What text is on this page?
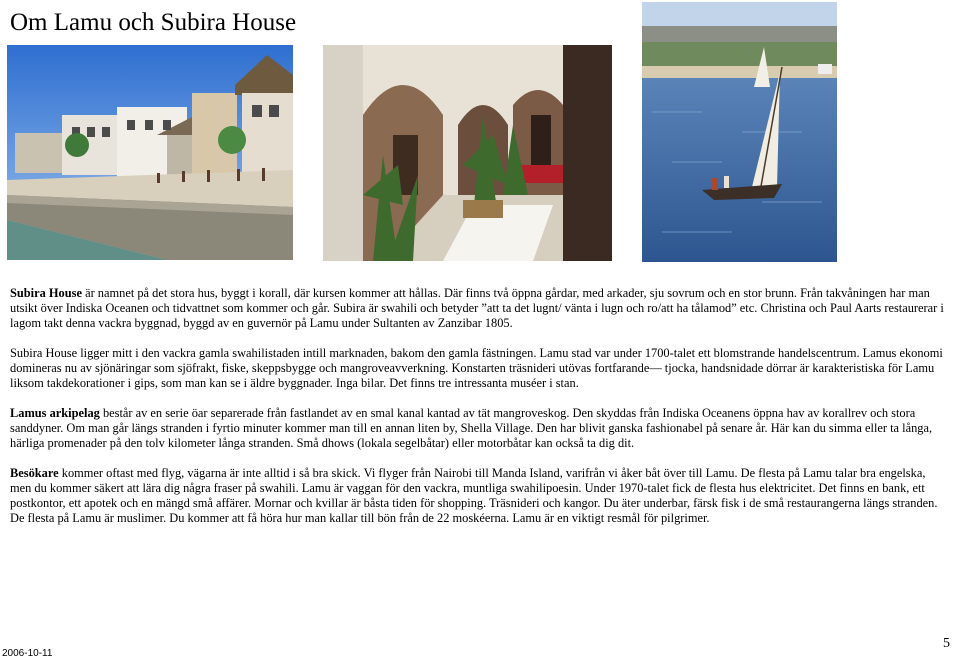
Om Lamu och Subira House

Subira House är namnet på det stora hus, byggt i korall, där kursen kommer att hållas. Där finns två öppna gårdar, med arkader, sju sovrum och en stor brunn. Från takvåningen har man utsikt över Indiska Oceanen och tidvattnet som kommer och går. Subira är swahili och betyder ”att ta det lugnt/ vänta i lugn och ro/att ha tålamod” etc. Christina och Paul Aarts restaurerar i lagom takt denna vackra byggnad, byggd av en guvernör på Lamu under Sultanten av Zanzibar 1805.

Subira House ligger mitt i den vackra gamla swahilistaden intill marknaden, bakom den gamla fästningen. Lamu stad var under 1700-talet ett blomstrande handelscentrum. Lamus ekonomi domineras nu av sjönäringar som sjöfrakt, fiske, skeppsbygge och mangroveavverkning. Konstarten träsnideri utövas fortfarande— tjocka, handsnidade dörrar är karakteristiska för Lamu liksom takdekorationer i gips, som man kan se i äldre byggnader. Inga bilar. Det finns tre intressanta muséer i stan.

Lamus arkipelag består av en serie öar separerade från fastlandet av en smal kanal kantad av tät mangroveskog. Den skyddas från Indiska Oceanens öppna hav av korallrev och stora sanddyner. Om man går längs stranden i fyrtio minuter kommer man till en annan liten by, Shella Village. Den har blivit ganska fashionabel på senare år. Här kan du simma eller ta långa, härliga promenader på den tolv kilometer långa stranden. Små dhows (lokala segelbåtar) eller motorbåtar kan också ta dig dit.

Besökare kommer oftast med flyg, vägarna är inte alltid i så bra skick. Vi flyger från Nairobi till Manda Island, varifrån vi åker båt över till Lamu. De flesta på Lamu talar bra engelska, men du kommer säkert att lära dig några fraser på swahili. Lamu är vaggan för den vackra, muntliga swahilipoesin. Under 1970-talet fick de flesta hus elektricitet. Det finns en bank, ett postkontor, ett apotek och en mängd små affärer. Mornar och kvillar är båsta tiden för shopping. Träsnideri och kangor. Du äter underbar, färsk fisk i de små restaurangerna längs stranden. De flesta på Lamu är muslimer. Du kommer att få höra hur man kallar till bön från de 22 moskéerna. Lamu är en viktigt resmål för pilgrimer.

2006-10-11
5
